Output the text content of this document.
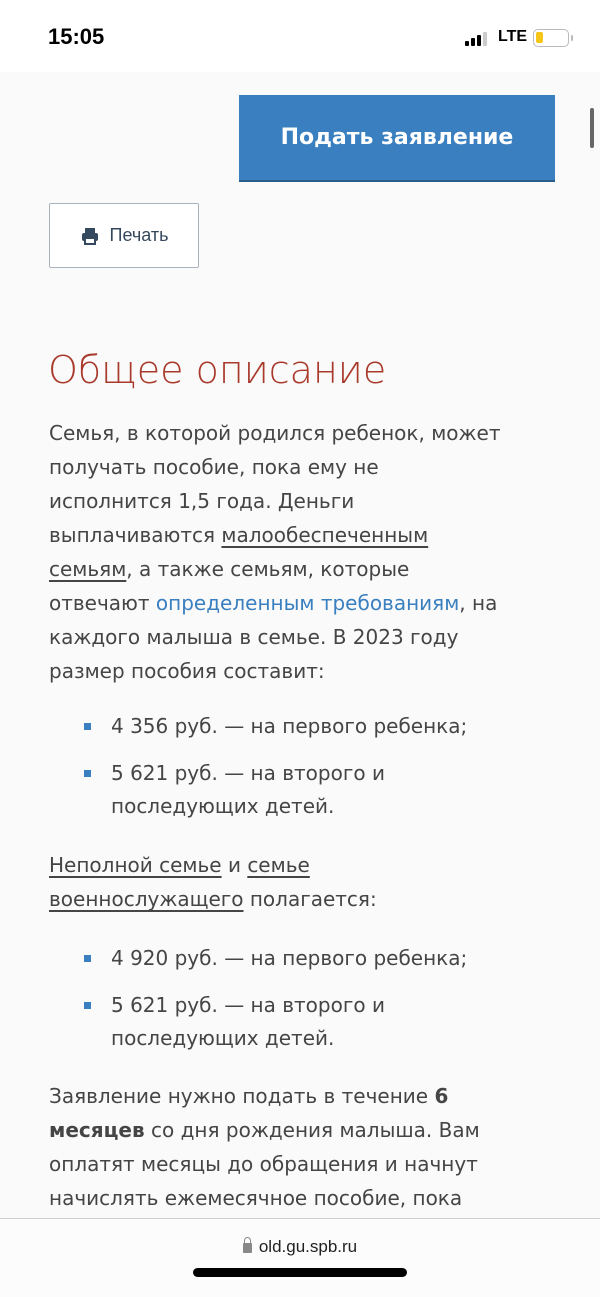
15:05	LTE
Подать заявление
Печать
Общее описание
Семья, в которой родился ребенок, может
получать пособие, пока ему не
исполнится 1,5 года. Деньги
выплачиваются малообеспеченным
семьям, а также семьям, которые
отвечают определенным требованиям, на
каждого малыша в семье. В 2023 году
размер пособия составит:
4 356 руб. — на первого ребенка;
5 621 руб. — на второго и
последующих детей.
Неполной семье и семье
военнослужащего полагается:
4 920 руб. — на первого ребенка;
5 621 руб. — на второго и
последующих детей.
Заявление нужно подать в течение 6
месяцев со дня рождения малыша. Вам
оплатят месяцы до обращения и начнут
начислять ежемесячное пособие, пока
old.gu.spb.ru
